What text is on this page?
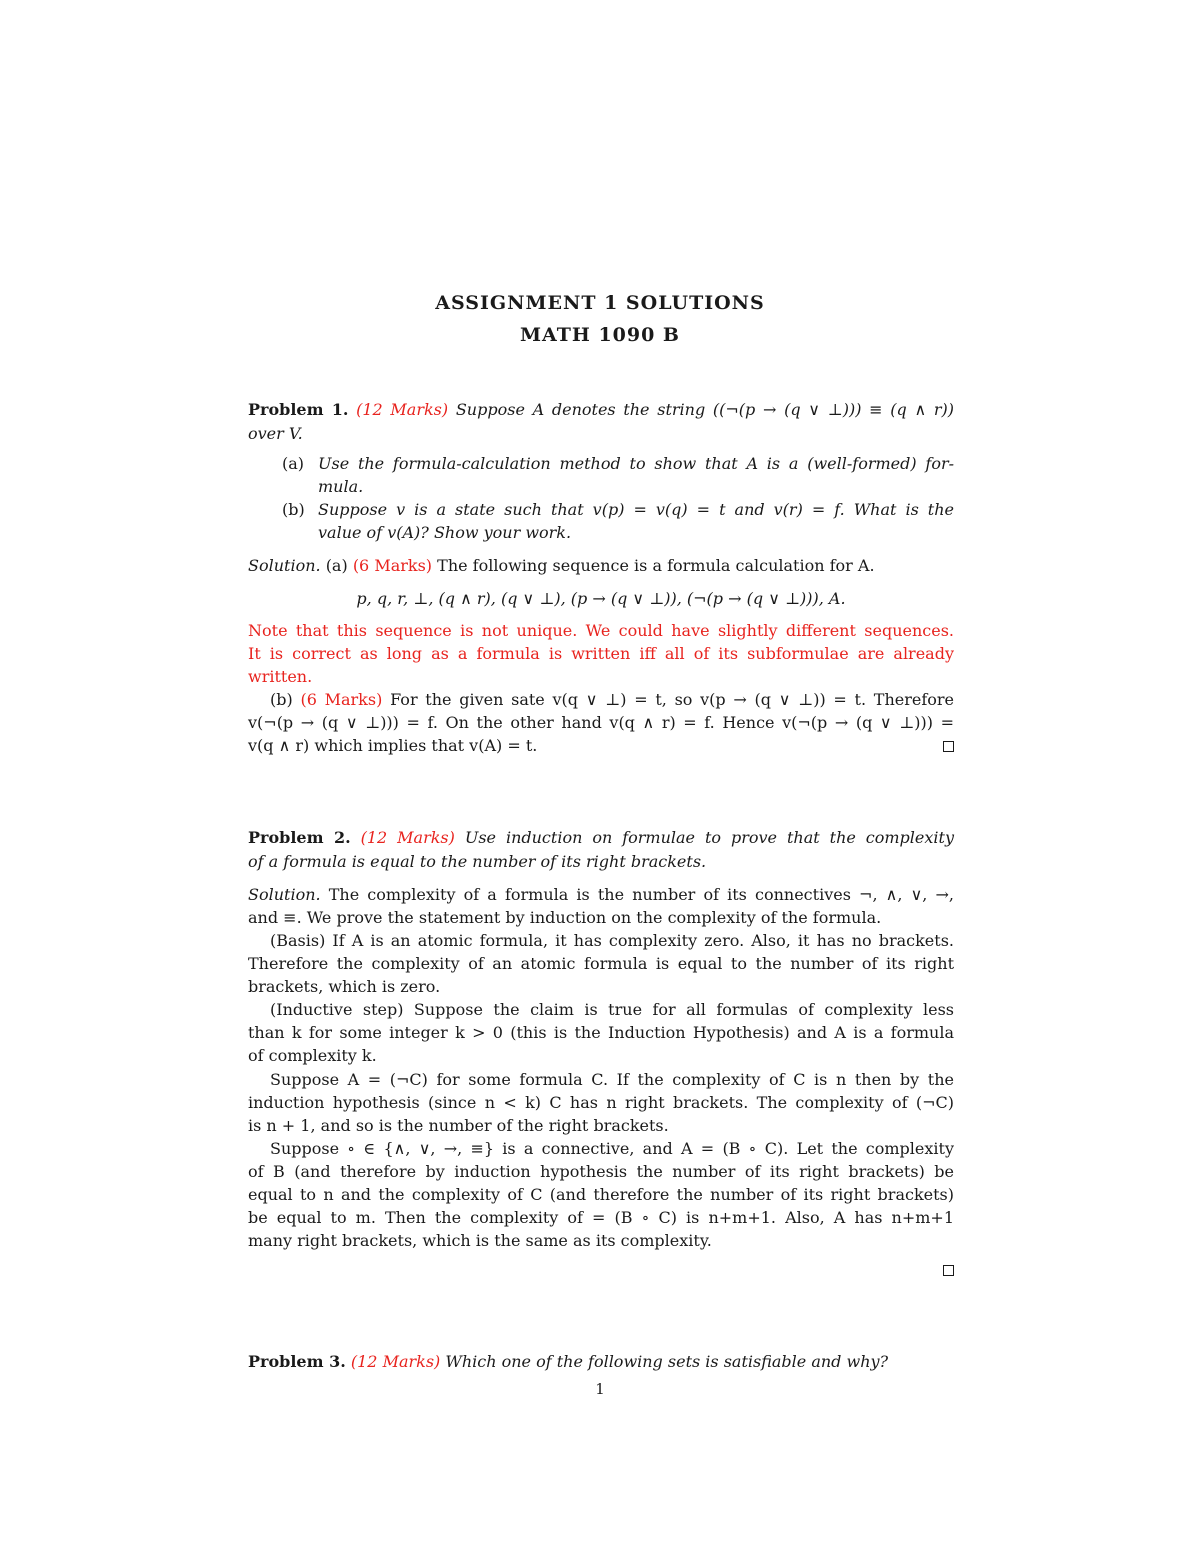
ASSIGNMENT 1 SOLUTIONS
MATH 1090 B
Problem 1. (12 Marks) Suppose A denotes the string ((¬(p → (q ∨ ⊥))) ≡ (q ∧ r))
over V.
(a) Use the formula-calculation method to show that A is a (well-formed) for-
mula.
(b) Suppose v is a state such that v(p) = v(q) = t and v(r) = f. What is the
value of v(A)? Show your work.
Solution. (a) (6 Marks) The following sequence is a formula calculation for A.
p, q, r, ⊥, (q ∧ r), (q ∨ ⊥), (p → (q ∨ ⊥)), (¬(p → (q ∨ ⊥))), A.
Note that this sequence is not unique. We could have slightly different sequences.
It is correct as long as a formula is written iff all of its subformulae are already
written.
(b) (6 Marks) For the given sate v(q ∨ ⊥) = t, so v(p → (q ∨ ⊥)) = t. Therefore
v(¬(p → (q ∨ ⊥))) = f. On the other hand v(q ∧ r) = f. Hence v(¬(p → (q ∨ ⊥))) =
v(q ∧ r) which implies that v(A) = t.
Problem 2. (12 Marks) Use induction on formulae to prove that the complexity
of a formula is equal to the number of its right brackets.
Solution. The complexity of a formula is the number of its connectives ¬, ∧, ∨, →,
and ≡. We prove the statement by induction on the complexity of the formula.
(Basis) If A is an atomic formula, it has complexity zero. Also, it has no brackets.
Therefore the complexity of an atomic formula is equal to the number of its right
brackets, which is zero.
(Inductive step) Suppose the claim is true for all formulas of complexity less
than k for some integer k > 0 (this is the Induction Hypothesis) and A is a formula
of complexity k.
Suppose A = (¬C) for some formula C. If the complexity of C is n then by the
induction hypothesis (since n < k) C has n right brackets. The complexity of (¬C)
is n + 1, and so is the number of the right brackets.
Suppose ∘ ∈ {∧, ∨, →, ≡} is a connective, and A = (B ∘ C). Let the complexity
of B (and therefore by induction hypothesis the number of its right brackets) be
equal to n and the complexity of C (and therefore the number of its right brackets)
be equal to m. Then the complexity of = (B ∘ C) is n+m+1. Also, A has n+m+1
many right brackets, which is the same as its complexity.
Problem 3. (12 Marks) Which one of the following sets is satisfiable and why?
1
